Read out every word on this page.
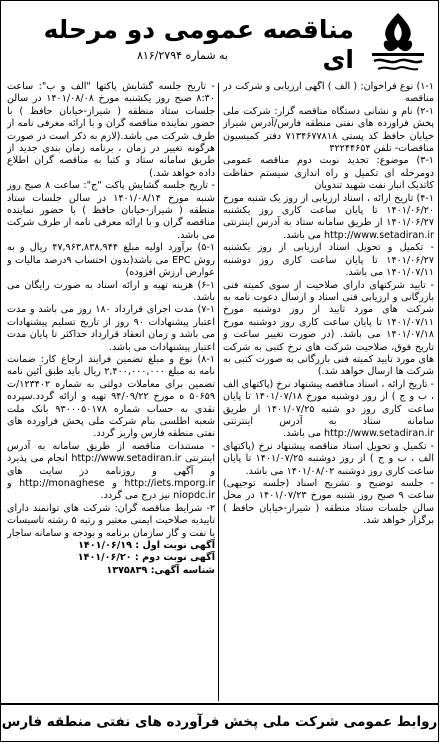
مناقصه عمومی دو مرحله ای
به شماره ۸۱۶/۲۷۹۴

۱-۱) نوع فراخوان: ( الف ) آگهی ارزیابی و شرکت در مناقصه

۲-۱) نام و نشانی دستگاه مناقصه گزار: شرکت ملی پخش فراورده های نفتی منطقه فارس/آدرس شیراز خیابان حافظ کد پستی ۷۱۳۴۶۷۷۸۱۸ دفتر کمیسیون مناقصات- تلفن ۳۲۲۴۴۶۵۴

۳-۱) موضوع: تجدید نوبت دوم مناقصه عمومی دومرحله ای تکمیل و راه اندازی سیستم حفاظت کاتدیک انبار نفت شهید تندویان

۴-۱) تاریخ ارائه ، اسناد ارزیابی از روز یک شنبه مورخ ۱۴۰۱/۰۶/۲۰ تا پایان ساعت کاری روز یکشنبه ۱۴۰۱/۰۶/۲۷ از طریق سامانه ستاد به آدرس اینترنتی http://www.setadiran.ir می باشد.

- تکمیل و تحویل اسناد ارزیابی از روز یکشنبه ۱۴۰۱/۰۶/۲۷ تا پایان ساعت کاری روز دوشنبه ۱۴۰۱/۰۷/۱۱ می باشد.

- تایید شرکتهای دارای صلاحیت از سوی کمیته فنی بازرگانی و ارزیابی فنی اسناد و ارسال دعوت نامه به شرکت های مورد تایید از روز دوشنبه مورخ ۱۴۰۱/۰۷/۱۱ تا پایان ساعت کاری روز دوشنبه مورخ ۱۴۰۱/۰۷/۱۸ می باشد. (در صورت تغییر ساعت و تاریخ فوق، صلاحیت شرکت های نرخ کتبی به شرکت های مورد تایید کمیته فنی بازرگانی به صورت کتبی به شرکت ها ارسال خواهد شد.)

- تاریخ ارائه ، اسناد مناقصه پیشنهاد نرخ (پاکتهای الف ، ب و ج ) از روز دوشنبه مورخ ۱۴۰۱/۰۷/۱۸ تا پایان ساعت کاری روز دو شنبه ۱۴۰۱/۰۷/۲۵ از طریق سامانه ستاد به آدرس اینترنتی http://www.setadiran.ir می باشد.

- تکمیل و تحویل اسناد مناقصه پیشنهاد نرخ (پاکتهای الف ، ب و ج ) از روز دوشنبه ۱۴۰۱/۰۷/۲۵ تا پایان ساعت کاری روز دوشنبه ۱۴۰۱/۰۸/۰۲ می باشد.

- جلسه توضیح و تشریح اسناد (جلسه توجیهی) ساعت ۹ صبح روز شنبه مورخ ۱۴۰۱/۰۷/۲۳ در محل سالن جلسات ستاد منطقه ( شیراز-خیابان حافظ ) برگزار خواهد شد.

- تاریخ جلسه گشایش پاکتها "الف و ب": ساعت ۸:۳۰ صبح روز یکشنبه مورخ ۱۴۰۱/۰۸/۰۸ در سالن جلسات ستاد منطقه ( شیراز-خیابان حافظ ) با حضور نماینده مناقصه گران و با ارائه معرفی نامه از طرف شرکت می باشد.(لازم به ذکر است در صورت هرگونه تغییر در زمان ، برنامه زمان بندی جدید از طریق سامانه ستاد و کتبا به مناقصه گران اطلاع داده خواهد شد.)

- تاریخ جلسه گشایش پاکت "ج": ساعت ۸ صبح روز شنبه مورخ ۱۴۰۱/۰۸/۱۴ در سالن جلسات ستاد منطقه ( شیراز-خیابان حافظ ) با حضور نماینده مناقصه گران و با ارائه معرفی نامه از طرف شرکت می باشد.

۵-۱) برآورد اولیه مبلغ ۴۷,۹۶۳,۸۳۸,۹۴۴ ریال و به روش EPC می باشد(بدون احتساب ۹درصد مالیات و عوارض ارزش افزوده)

۶-۱) هزینه تهیه و ارائه اسناد به صورت رایگان می باشد.

۷-۱) مدت اجرای قرارداد ۱۸۰ روز می باشد و مدت اعتبار پیشنهادات ۹۰ روز از تاریخ تسلیم پیشنهادات می باشد و زمان انعقاد قرارداد حداکثر تا پایان مدت اعتبار پیشنهادات می باشد.

۸-۱) نوع و مبلغ تضمین فرایند ارجاع کار: ضمانت نامه به مبلغ ۲,۴۰۰,۰۰۰,۰۰۰ ریال باید طبق آئین نامه تضمین برای معاملات دولتی به شماره ۱۲۳۴۰۲/ت ۵۰۶۵۹ ه مورخ ۹۴/۰۹/۲۲ تهیه و ارائه گردد.سپرده نقدی به حساب شماره ۹۳۰۰۰۵۰۱۷۸ بانک ملت شعبه اطلسی بنام شرکت ملی پخش فراورده های نفتی منطقه فارس واریز گردد.

- مستندات مناقصه از طریق سامانه به آدرس اینترنتی http://www.setadiran.ir انجام می پذیرد و آگهی و روزنامه در سایت های http://iets.mporg.ir و http://monaghese و niopdc.ir نیز درج می گردد.

۲- شرایط مناقصه گران: شرکت های توانمند دارای تاییدیه صلاحیت ایمنی معتبر و رتبه ۵ رشته تاسیسات یا نفت و گاز سازمان برنامه و بودجه و سامانه ساجار

آگهی نوبت اول : ۱۴۰۱/۰۶/۱۹

آگهی نوبت دوم : ۱۴۰۱/۰۶/۲۰

شناسه آگهی: ۱۳۷۵۸۳۹

روابط عمومی شرکت ملی پخش فرآورده های نفتی منطقه فارس
